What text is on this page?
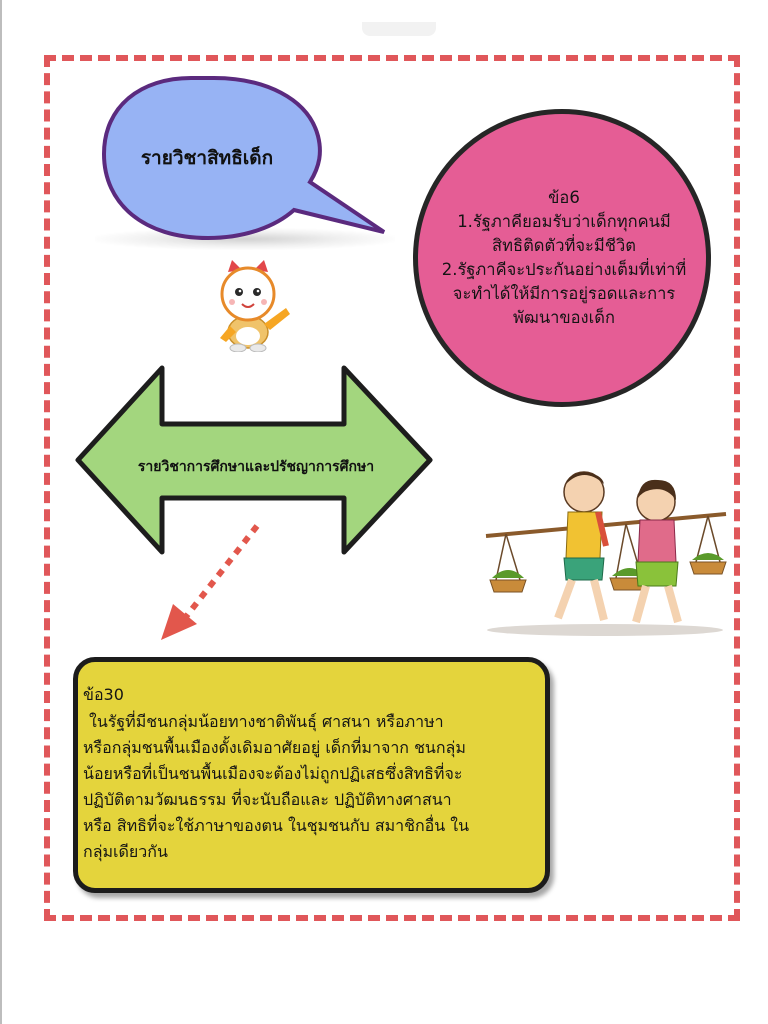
รายวิชาสิทธิเด็ก
ข้อ6
1.รัฐภาคียอมรับว่าเด็กทุกคนมี
สิทธิติดตัวที่จะมีชีวิต
2.รัฐภาคีจะประกันอย่างเต็มที่เท่าที่
จะทำได้ให้มีการอยู่รอดและการ
พัฒนาของเด็ก
รายวิชาการศึกษาและปรัชญาการศึกษา
ข้อ30
ในรัฐที่มีชนกลุ่มน้อยทางชาติพันธุ์ ศาสนา หรือภาษา
หรือกลุ่มชนพื้นเมืองดั้งเดิมอาศัยอยู่ เด็กที่มาจาก ชนกลุ่ม
น้อยหรือที่เป็นชนพื้นเมืองจะต้องไม่ถูกปฏิเสธซึ่งสิทธิที่จะ
ปฏิบัติตามวัฒนธรรม ที่จะนับถือและ ปฏิบัติทางศาสนา
หรือ สิทธิที่จะใช้ภาษาของตน ในชุมชนกับ สมาชิกอื่น ใน
กลุ่มเดียวกัน
